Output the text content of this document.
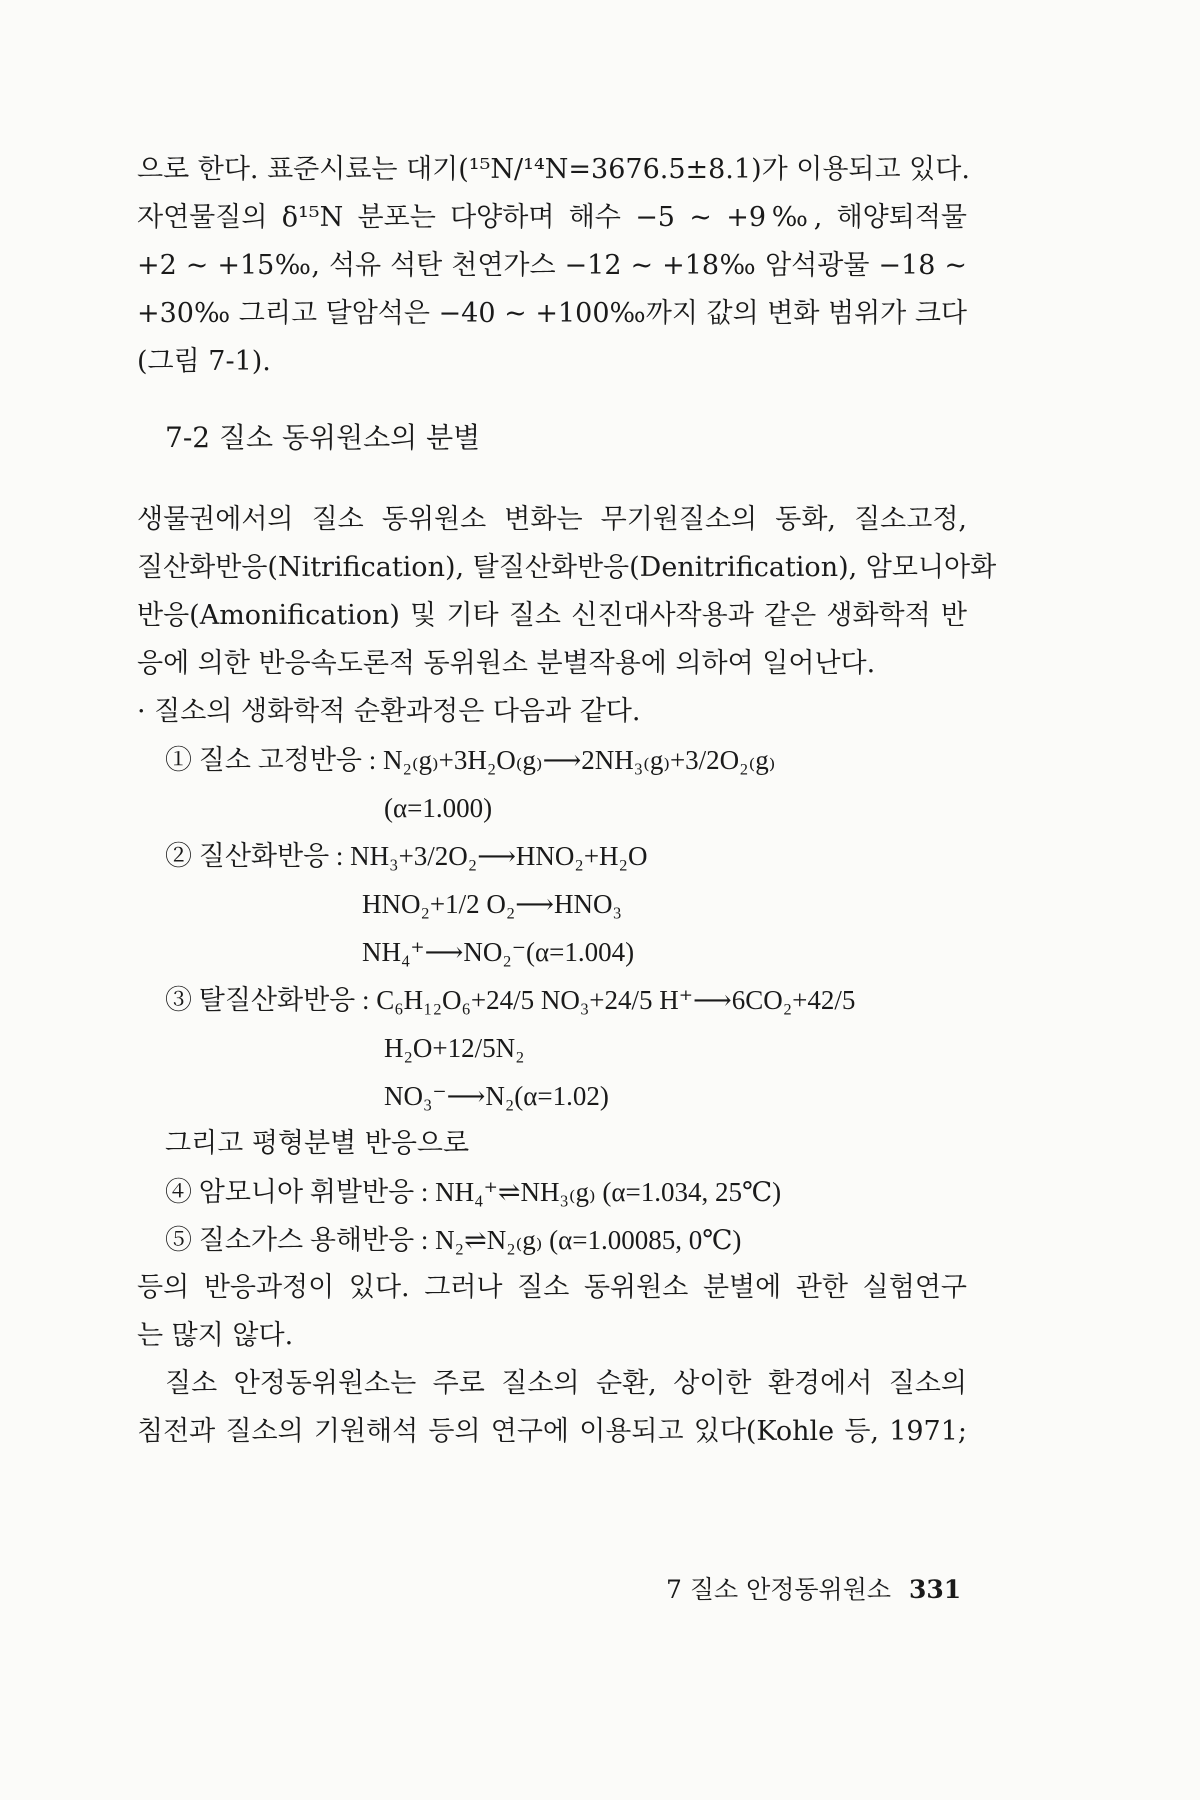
으로 한다. 표준시료는 대기(¹⁵N/¹⁴N=3676.5±8.1)가 이용되고 있다.
자연물질의 δ¹⁵N 분포는 다양하며 해수 −5 ~ +9‰, 해양퇴적물
+2 ~ +15‰, 석유 석탄 천연가스 −12 ~ +18‰ 암석광물 −18 ~
+30‰ 그리고 달암석은 −40 ~ +100‰까지 값의 변화 범위가 크다
(그림 7-1).
7-2 질소 동위원소의 분별
생물권에서의 질소 동위원소 변화는 무기원질소의 동화, 질소고정,
질산화반응(Nitrification), 탈질산화반응(Denitrification), 암모니아화
반응(Amonification) 및 기타 질소 신진대사작용과 같은 생화학적 반
응에 의한 반응속도론적 동위원소 분별작용에 의하여 일어난다.
· 질소의 생화학적 순환과정은 다음과 같다.
① 질소 고정반응 : N₂₍g₎+3H₂O₍g₎⟶2NH₃₍g₎+3/2O₂₍g₎
(α=1.000)
② 질산화반응 : NH₃+3/2O₂⟶HNO₂+H₂O
HNO₂+1/2 O₂⟶HNO₃
NH₄⁺⟶NO₂⁻(α=1.004)
③ 탈질산화반응 : C₆H₁₂O₆+24/5 NO₃+24/5 H⁺⟶6CO₂+42/5
H₂O+12/5N₂
NO₃⁻⟶N₂(α=1.02)
그리고 평형분별 반응으로
④ 암모니아 휘발반응 : NH₄⁺⇌NH₃₍g₎ (α=1.034, 25℃)
⑤ 질소가스 용해반응 : N₂⇌N₂₍g₎ (α=1.00085, 0℃)
등의 반응과정이 있다. 그러나 질소 동위원소 분별에 관한 실험연구
는 많지 않다.
질소 안정동위원소는 주로 질소의 순환, 상이한 환경에서 질소의
침전과 질소의 기원해석 등의 연구에 이용되고 있다(Kohle 등, 1971;
7 질소 안정동위원소 331
